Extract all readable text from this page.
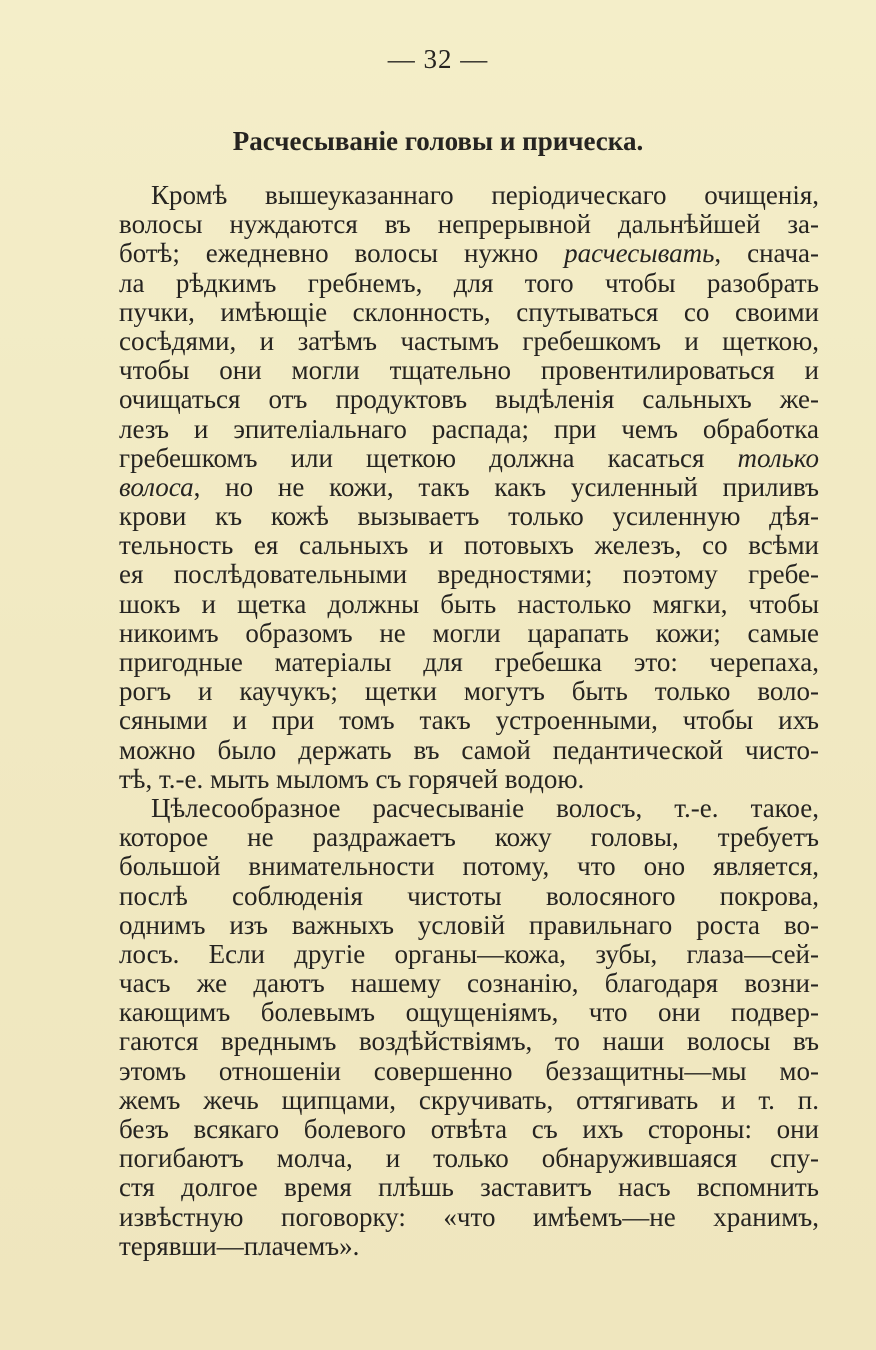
— 32 —
Расчесываніе головы и прическа.
Кромѣ вышеуказаннаго періодическаго очищенія,
волосы нуждаются въ непрерывной дальнѣйшей за-
ботѣ; ежедневно волосы нужно расчесывать, снача-
ла рѣдкимъ гребнемъ, для того чтобы разобрать
пучки, имѣющіе склонность, спутываться со своими
сосѣдями, и затѣмъ частымъ гребешкомъ и щеткою,
чтобы они могли тщательно провентилироваться и
очищаться отъ продуктовъ выдѣленія сальныхъ же-
лезъ и эпителіальнаго распада; при чемъ обработка
гребешкомъ или щеткою должна касаться только
волоса, но не кожи, такъ какъ усиленный приливъ
крови къ кожѣ вызываетъ только усиленную дѣя-
тельность ея сальныхъ и потовыхъ железъ, со всѣми
ея послѣдовательными вредностями; поэтому гребе-
шокъ и щетка должны быть настолько мягки, чтобы
никоимъ образомъ не могли царапать кожи; самые
пригодные матеріалы для гребешка это: черепаха,
рогъ и каучукъ; щетки могутъ быть только воло-
сяными и при томъ такъ устроенными, чтобы ихъ
можно было держать въ самой педантической чисто-
тѣ, т.-е. мыть мыломъ съ горячей водою.
Цѣлесообразное расчесываніе волосъ, т.-е. такое,
которое не раздражаетъ кожу головы, требуетъ
большой внимательности потому, что оно является,
послѣ соблюденія чистоты волосяного покрова,
однимъ изъ важныхъ условій правильнаго роста во-
лосъ. Если другіе органы—кожа, зубы, глаза—сей-
часъ же даютъ нашему сознанію, благодаря возни-
кающимъ болевымъ ощущеніямъ, что они подвер-
гаются вреднымъ воздѣйствіямъ, то наши волосы въ
этомъ отношеніи совершенно беззащитны—мы мо-
жемъ жечь щипцами, скручивать, оттягивать и т. п.
безъ всякаго болевого отвѣта съ ихъ стороны: они
погибаютъ молча, и только обнаружившаяся спу-
стя долгое время плѣшь заставитъ насъ вспомнить
извѣстную поговорку: «что имѣемъ—не хранимъ,
терявши—плачемъ».
